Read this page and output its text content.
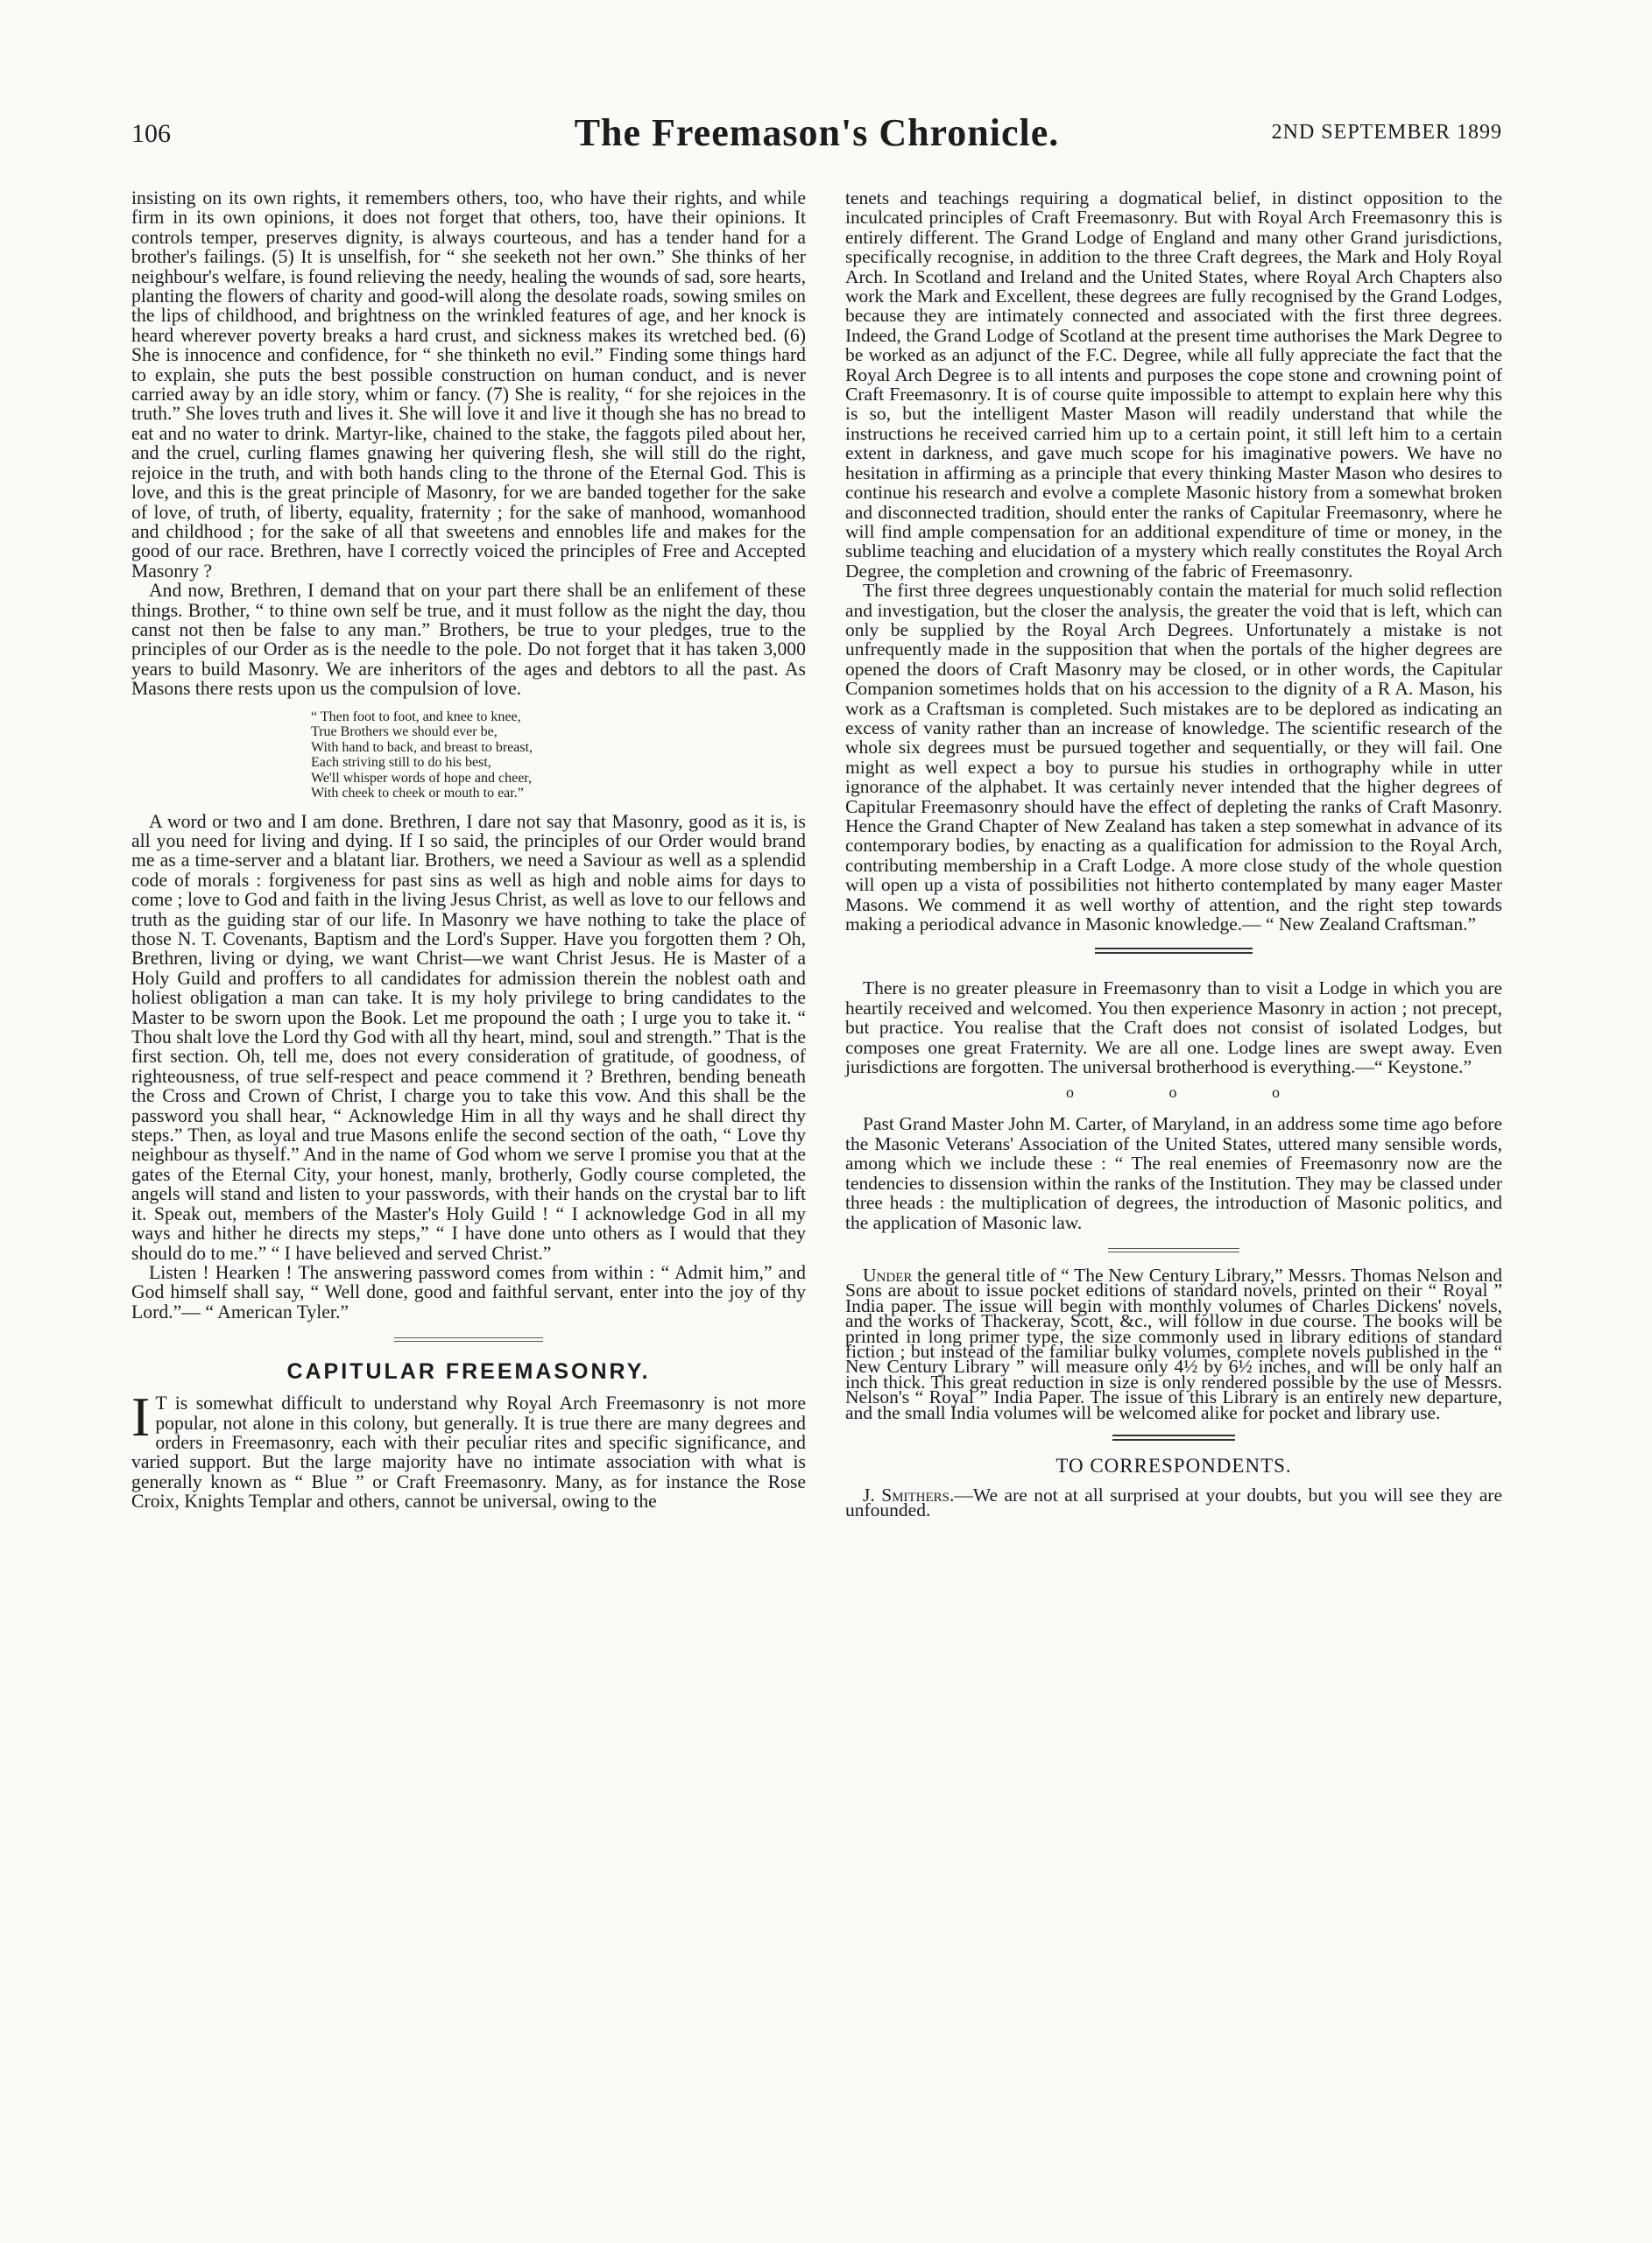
106	The Freemason's Chronicle.	2ND SEPTEMBER 1899

insisting on its own rights, it remembers others, too, who have their rights, and while firm in its own opinions, it does not forget that others, too, have their opinions. It controls temper, preserves dignity, is always courteous, and has a tender hand for a brother's failings. (5) It is unselfish, for “ she seeketh not her own.” She thinks of her neighbour's welfare, is found relieving the needy, healing the wounds of sad, sore hearts, planting the flowers of charity and good-will along the desolate roads, sowing smiles on the lips of childhood, and brightness on the wrinkled features of age, and her knock is heard wherever poverty breaks a hard crust, and sickness makes its wretched bed. (6) She is innocence and confidence, for “ she thinketh no evil.” Finding some things hard to explain, she puts the best possible construction on human conduct, and is never carried away by an idle story, whim or fancy. (7) She is reality, “ for she rejoices in the truth.” She loves truth and lives it. She will love it and live it though she has no bread to eat and no water to drink. Martyr-like, chained to the stake, the faggots piled about her, and the cruel, curling flames gnawing her quivering flesh, she will still do the right, rejoice in the truth, and with both hands cling to the throne of the Eternal God. This is love, and this is the great principle of Masonry, for we are banded together for the sake of love, of truth, of liberty, equality, fraternity ; for the sake of manhood, womanhood and childhood ; for the sake of all that sweetens and ennobles life and makes for the good of our race. Brethren, have I correctly voiced the principles of Free and Accepted Masonry ?

And now, Brethren, I demand that on your part there shall be an enlifement of these things. Brother, “ to thine own self be true, and it must follow as the night the day, thou canst not then be false to any man.” Brothers, be true to your pledges, true to the principles of our Order as is the needle to the pole. Do not forget that it has taken 3,000 years to build Masonry. We are inheritors of the ages and debtors to all the past. As Masons there rests upon us the compulsion of love.

“ Then foot to foot, and knee to knee,
True Brothers we should ever be,
With hand to back, and breast to breast,
Each striving still to do his best,
We'll whisper words of hope and cheer,
With cheek to cheek or mouth to ear.”

A word or two and I am done. Brethren, I dare not say that Masonry, good as it is, is all you need for living and dying. If I so said, the principles of our Order would brand me as a time-server and a blatant liar. Brothers, we need a Saviour as well as a splendid code of morals : forgiveness for past sins as well as high and noble aims for days to come ; love to God and faith in the living Jesus Christ, as well as love to our fellows and truth as the guiding star of our life. In Masonry we have nothing to take the place of those N. T. Covenants, Baptism and the Lord's Supper. Have you forgotten them ? Oh, Brethren, living or dying, we want Christ—we want Christ Jesus. He is Master of a Holy Guild and proffers to all candidates for admission therein the noblest oath and holiest obligation a man can take. It is my holy privilege to bring candidates to the Master to be sworn upon the Book. Let me propound the oath ; I urge you to take it. “ Thou shalt love the Lord thy God with all thy heart, mind, soul and strength.” That is the first section. Oh, tell me, does not every consideration of gratitude, of goodness, of righteousness, of true self-respect and peace commend it ? Brethren, bending beneath the Cross and Crown of Christ, I charge you to take this vow. And this shall be the password you shall hear, “ Acknowledge Him in all thy ways and he shall direct thy steps.” Then, as loyal and true Masons enlife the second section of the oath, “ Love thy neighbour as thyself.” And in the name of God whom we serve I promise you that at the gates of the Eternal City, your honest, manly, brotherly, Godly course completed, the angels will stand and listen to your passwords, with their hands on the crystal bar to lift it. Speak out, members of the Master's Holy Guild ! “ I acknowledge God in all my ways and hither he directs my steps,” “ I have done unto others as I would that they should do to me.” “ I have believed and served Christ.”

Listen ! Hearken ! The answering password comes from within : “ Admit him,” and God himself shall say, “ Well done, good and faithful servant, enter into the joy of thy Lord.”— “ American Tyler.”

CAPITULAR FREEMASONRY.

I T is somewhat difficult to understand why Royal Arch Freemasonry is not more popular, not alone in this colony, but generally. It is true there are many degrees and orders in Freemasonry, each with their peculiar rites and specific significance, and varied support. But the large majority have no intimate association with what is generally known as “ Blue ” or Craft Freemasonry. Many, as for instance the Rose Croix, Knights Templar and others, cannot be universal, owing to the

tenets and teachings requiring a dogmatical belief, in distinct opposition to the inculcated principles of Craft Freemasonry. But with Royal Arch Freemasonry this is entirely different. The Grand Lodge of England and many other Grand jurisdictions, specifically recognise, in addition to the three Craft degrees, the Mark and Holy Royal Arch. In Scotland and Ireland and the United States, where Royal Arch Chapters also work the Mark and Excellent, these degrees are fully recognised by the Grand Lodges, because they are intimately connected and associated with the first three degrees. Indeed, the Grand Lodge of Scotland at the present time authorises the Mark Degree to be worked as an adjunct of the F.C. Degree, while all fully appreciate the fact that the Royal Arch Degree is to all intents and purposes the cope stone and crowning point of Craft Freemasonry. It is of course quite impossible to attempt to explain here why this is so, but the intelligent Master Mason will readily understand that while the instructions he received carried him up to a certain point, it still left him to a certain extent in darkness, and gave much scope for his imaginative powers. We have no hesitation in affirming as a principle that every thinking Master Mason who desires to continue his research and evolve a complete Masonic history from a somewhat broken and disconnected tradition, should enter the ranks of Capitular Freemasonry, where he will find ample compensation for an additional expenditure of time or money, in the sublime teaching and elucidation of a mystery which really constitutes the Royal Arch Degree, the completion and crowning of the fabric of Freemasonry.

The first three degrees unquestionably contain the material for much solid reflection and investigation, but the closer the analysis, the greater the void that is left, which can only be supplied by the Royal Arch Degrees. Unfortunately a mistake is not unfrequently made in the supposition that when the portals of the higher degrees are opened the doors of Craft Masonry may be closed, or in other words, the Capitular Companion sometimes holds that on his accession to the dignity of a R A. Mason, his work as a Craftsman is completed. Such mistakes are to be deplored as indicating an excess of vanity rather than an increase of knowledge. The scientific research of the whole six degrees must be pursued together and sequentially, or they will fail. One might as well expect a boy to pursue his studies in orthography while in utter ignorance of the alphabet. It was certainly never intended that the higher degrees of Capitular Freemasonry should have the effect of depleting the ranks of Craft Masonry. Hence the Grand Chapter of New Zealand has taken a step somewhat in advance of its contemporary bodies, by enacting as a qualification for admission to the Royal Arch, contributing membership in a Craft Lodge. A more close study of the whole question will open up a vista of possibilities not hitherto contemplated by many eager Master Masons. We commend it as well worthy of attention, and the right step towards making a periodical advance in Masonic knowledge.— “ New Zealand Craftsman.”

There is no greater pleasure in Freemasonry than to visit a Lodge in which you are heartily received and welcomed. You then experience Masonry in action ; not precept, but practice. You realise that the Craft does not consist of isolated Lodges, but composes one great Fraternity. We are all one. Lodge lines are swept away. Even jurisdictions are forgotten. The universal brotherhood is everything.—“ Keystone.”

o o o

Past Grand Master John M. Carter, of Maryland, in an address some time ago before the Masonic Veterans' Association of the United States, uttered many sensible words, among which we include these : “ The real enemies of Freemasonry now are the tendencies to dissension within the ranks of the Institution. They may be classed under three heads : the multiplication of degrees, the introduction of Masonic politics, and the application of Masonic law.

Under the general title of “ The New Century Library,” Messrs. Thomas Nelson and Sons are about to issue pocket editions of standard novels, printed on their “ Royal ” India paper. The issue will begin with monthly volumes of Charles Dickens' novels, and the works of Thackeray, Scott, &c., will follow in due course. The books will be printed in long primer type, the size commonly used in library editions of standard fiction ; but instead of the familiar bulky volumes, complete novels published in the “ New Century Library ” will measure only 4½ by 6½ inches, and will be only half an inch thick. This great reduction in size is only rendered possible by the use of Messrs. Nelson's “ Royal ” India Paper. The issue of this Library is an entirely new departure, and the small India volumes will be welcomed alike for pocket and library use.

TO CORRESPONDENTS.

J. Smithers.—We are not at all surprised at your doubts, but you will see they are unfounded.
